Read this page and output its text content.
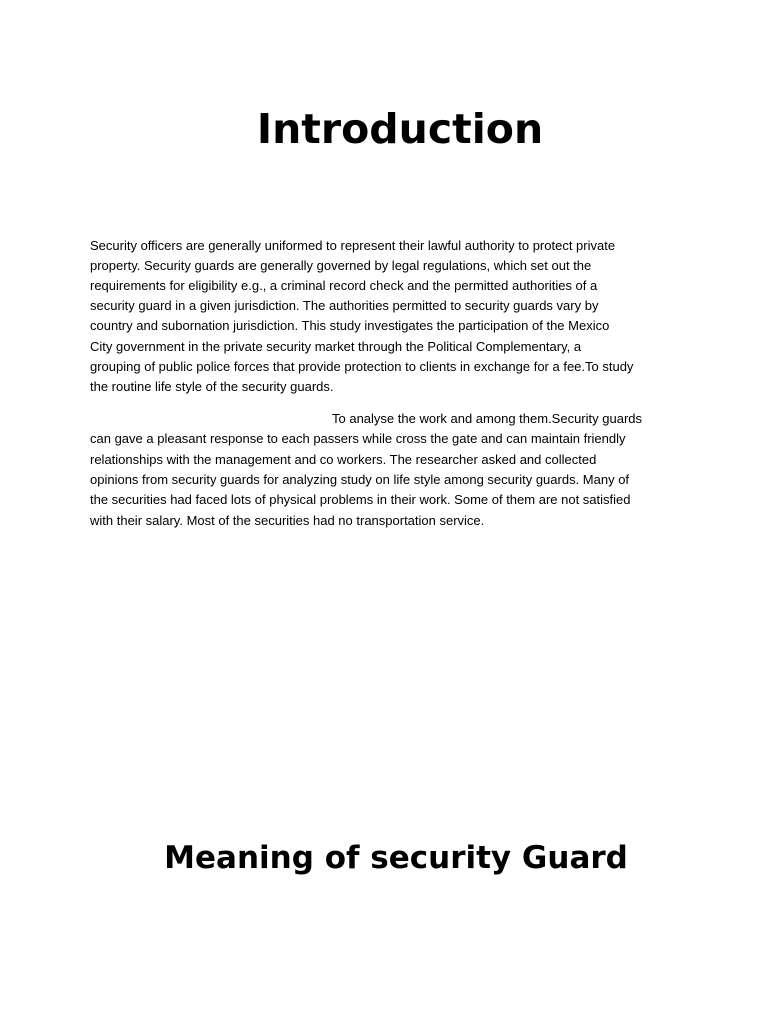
Introduction
Security officers are generally uniformed to represent their lawful authority to protect private
property. Security guards are generally governed by legal regulations, which set out the
requirements for eligibility e.g., a criminal record check and the permitted authorities of a
security guard in a given jurisdiction. The authorities permitted to security guards vary by
country and subornation jurisdiction. This study investigates the participation of the Mexico
City government in the private security market through the Political Complementary, a
grouping of public police forces that provide protection to clients in exchange for a fee.To study
the routine life style of the security guards.
To analyse the work and among them.Security guards
can gave a pleasant response to each passers while cross the gate and can maintain friendly
relationships with the management and co workers. The researcher asked and collected
opinions from security guards for analyzing study on life style among security guards. Many of
the securities had faced lots of physical problems in their work. Some of them are not satisfied
with their salary. Most of the securities had no transportation service.
Meaning of security Guard
